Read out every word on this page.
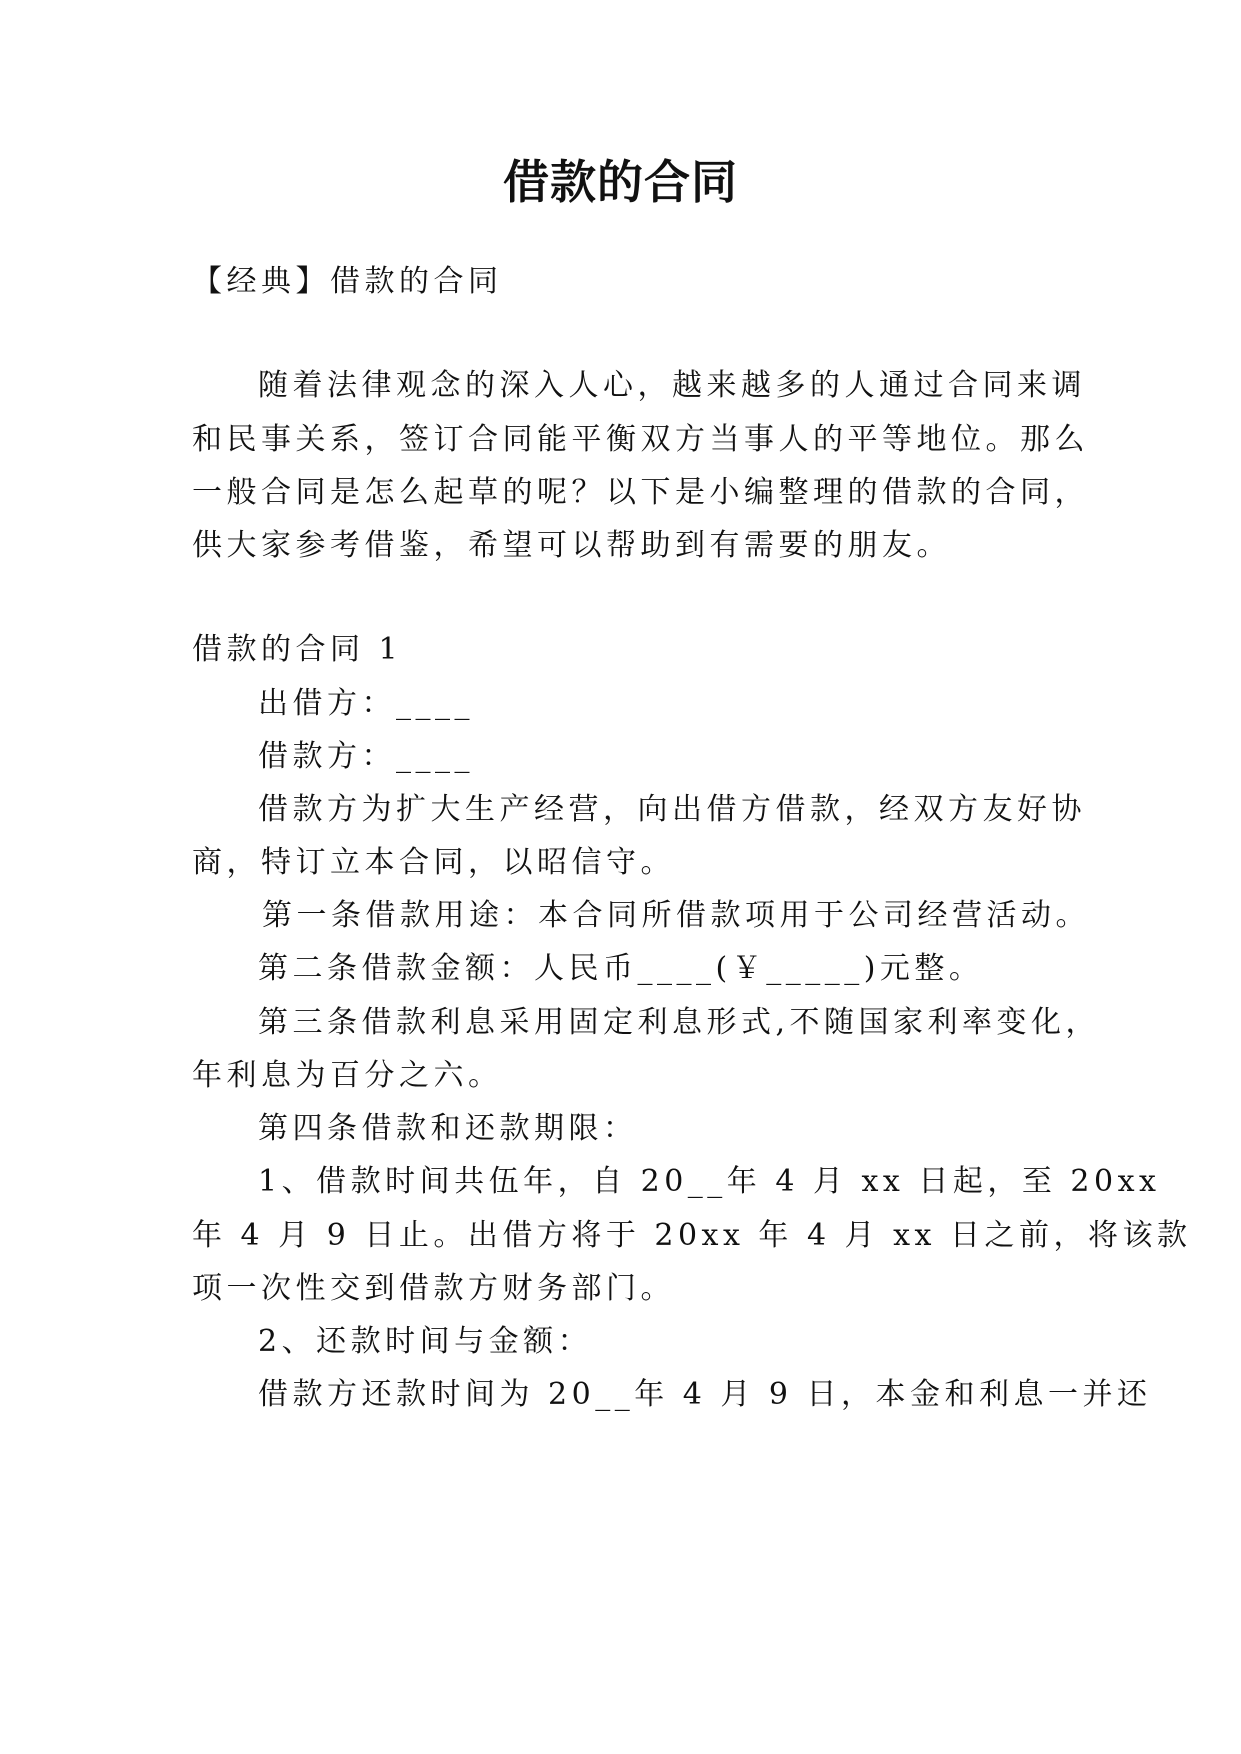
借款的合同
【经典】借款的合同
随着法律观念的深入人心，越来越多的人通过合同来调
和民事关系，签订合同能平衡双方当事人的平等地位。那么
一般合同是怎么起草的呢？以下是小编整理的借款的合同，
供大家参考借鉴，希望可以帮助到有需要的朋友。
借款的合同 1
出借方：____
借款方：____
借款方为扩大生产经营，向出借方借款，经双方友好协
商，特订立本合同，以昭信守。
第一条借款用途：本合同所借款项用于公司经营活动。
第二条借款金额：人民币____(￥_____)元整。
第三条借款利息采用固定利息形式,不随国家利率变化，
年利息为百分之六。
第四条借款和还款期限：
1、借款时间共伍年，自 20__年 4 月 xx 日起，至 20xx
年 4 月 9 日止。出借方将于 20xx 年 4 月 xx 日之前，将该款
项一次性交到借款方财务部门。
2、还款时间与金额：
借款方还款时间为 20__年 4 月 9 日，本金和利息一并还
